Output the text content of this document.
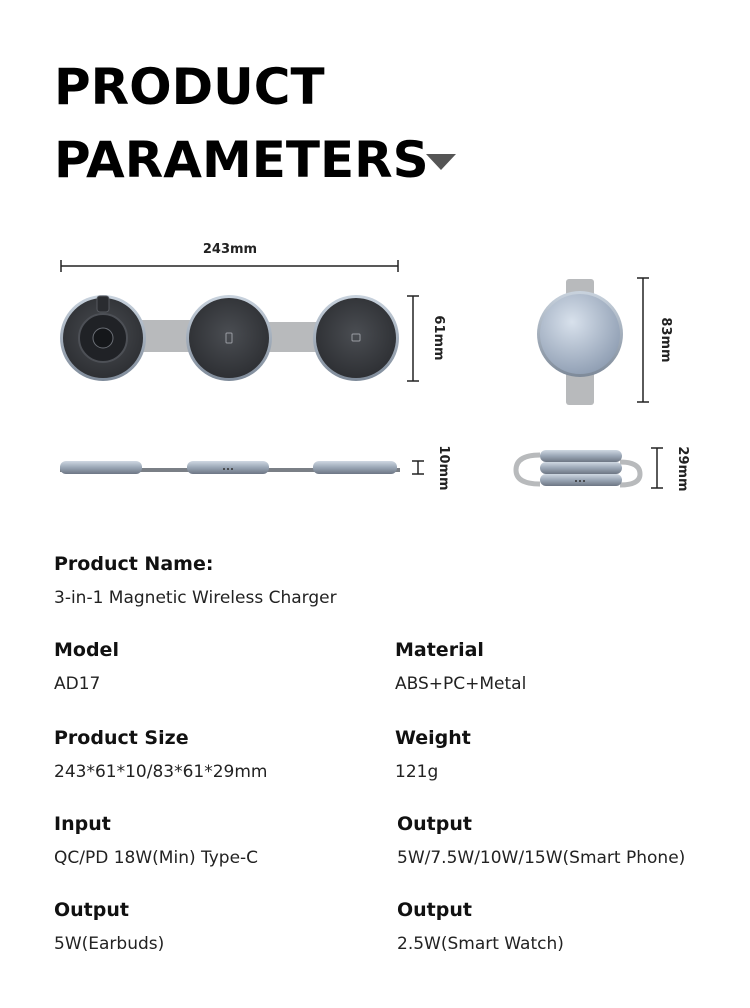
PRODUCT
PARAMETERS
243mm
61mm	83mm
10mm	29mm
Product Name:
3-in-1 Magnetic Wireless Charger
Model
AD17
Material
ABS+PC+Metal
Product Size
243*61*10/83*61*29mm
Weight
121g
Input
QC/PD 18W(Min) Type-C
Output
5W/7.5W/10W/15W(Smart Phone)
Output
5W(Earbuds)
Output
2.5W(Smart Watch)
